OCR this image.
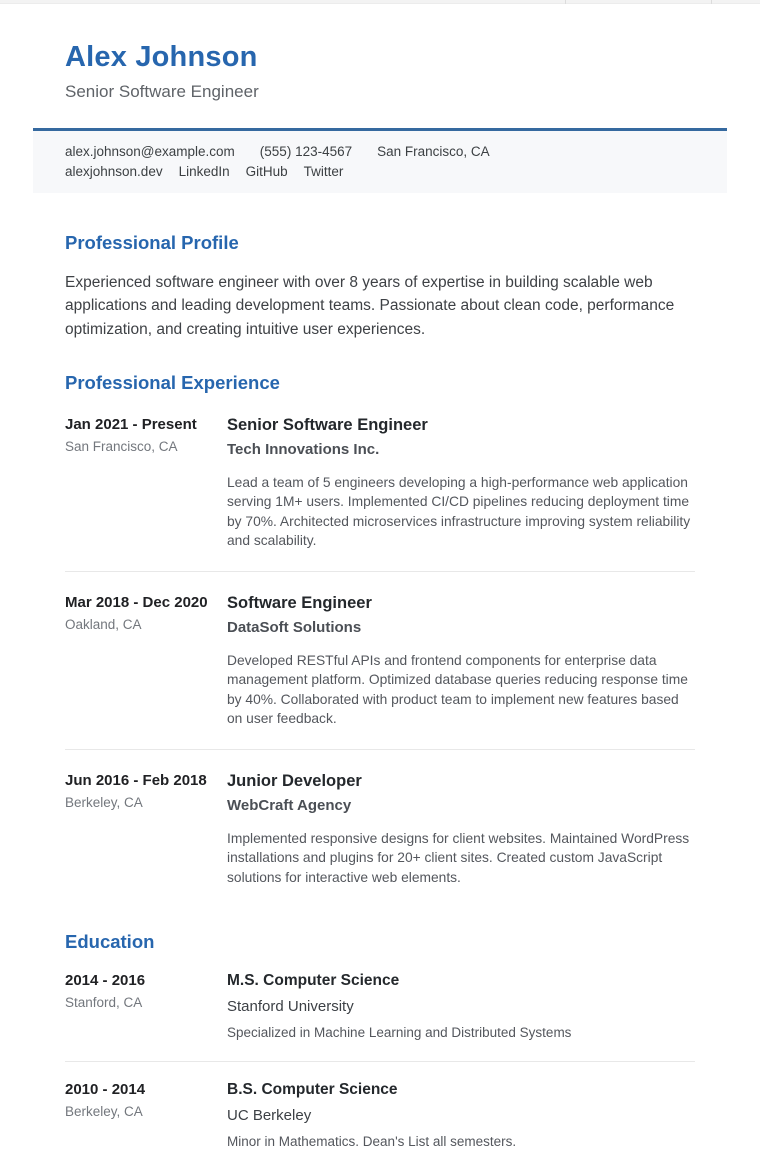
Alex Johnson
Senior Software Engineer
alex.johnson@example.com (555) 123-4567 San Francisco, CA
alexjohnson.dev LinkedIn GitHub Twitter
Professional Profile

Experienced software engineer with over 8 years of expertise in building scalable web applications and leading development teams. Passionate about clean code, performance optimization, and creating intuitive user experiences.

Professional Experience
Jan 2021 - Present
San Francisco, CA
Senior Software Engineer
Tech Innovations Inc.

Lead a team of 5 engineers developing a high-performance web application serving 1M+ users. Implemented CI/CD pipelines reducing deployment time by 70%. Architected microservices infrastructure improving system reliability and scalability.

Mar 2018 - Dec 2020
Oakland, CA
Software Engineer
DataSoft Solutions

Developed RESTful APIs and frontend components for enterprise data management platform. Optimized database queries reducing response time by 40%. Collaborated with product team to implement new features based on user feedback.

Jun 2016 - Feb 2018
Berkeley, CA
Junior Developer
WebCraft Agency

Implemented responsive designs for client websites. Maintained WordPress installations and plugins for 20+ client sites. Created custom JavaScript solutions for interactive web elements.

Education
2014 - 2016
Stanford, CA
M.S. Computer Science
Stanford University
Specialized in Machine Learning and Distributed Systems
2010 - 2014
Berkeley, CA
B.S. Computer Science
UC Berkeley
Minor in Mathematics. Dean's List all semesters.
